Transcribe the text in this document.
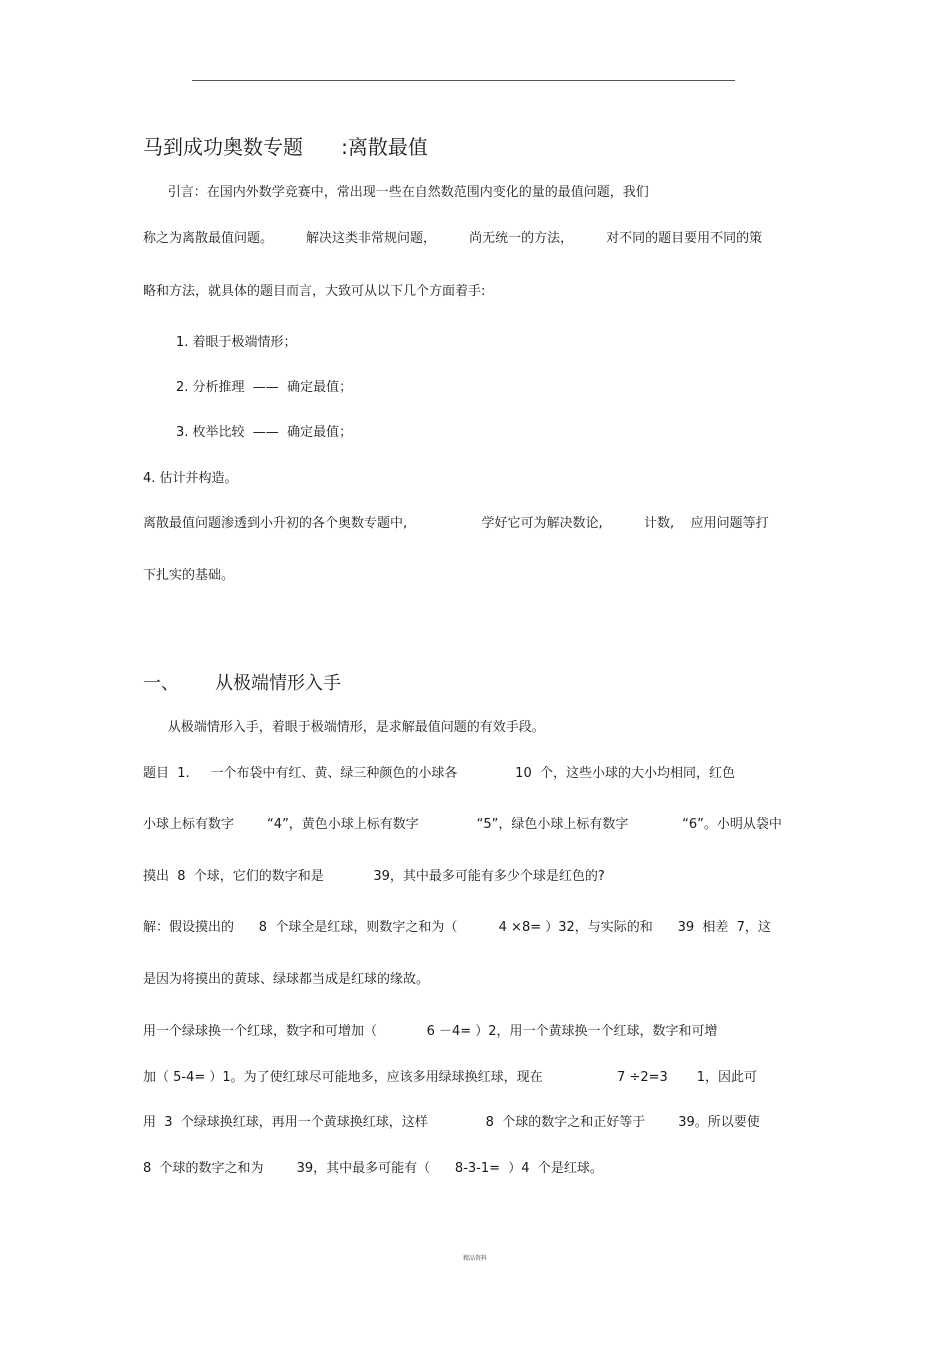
马到成功奥数专题      :离散最值
引言：在国内外数学竞赛中，常出现一些在自然数范围内变化的量的最值问题，我们
称之为离散最值问题。        解决这类非常规问题，        尚无统一的方法，        对不同的题目要用不同的策
略和方法，就具体的题目而言，大致可从以下几个方面着手:
1. 着眼于极端情形；
2. 分析推理  ——  确定最值；
3. 枚举比较  ——  确定最值；
4. 估计并构造。
离散最值问题渗透到小升初的各个奥数专题中,                  学好它可为解决数论,          计数,    应用问题等打
下扎实的基础。
一、 从极端情形入手
从极端情形入手，着眼于极端情形，是求解最值问题的有效手段。
题目  1.     一个布袋中有红、黄、绿三种颜色的小球各              10  个，这些小球的大小均相同，红色
小球上标有数字        “4”，黄色小球上标有数字              “5”，绿色小球上标有数字             “6”。小明从袋中
摸出  8  个球，它们的数字和是            39，其中最多可能有多少个球是红色的?
解：假设摸出的      8  个球全是红球，则数字之和为（          4 ×8= ）32，与实际的和      39  相差  7，这
是因为将摸出的黄球、绿球都当成是红球的缘故。
用一个绿球换一个红球，数字和可增加（            6 －4= ）2，用一个黄球换一个红球，数字和可增
加（ 5-4= ）1。为了使红球尽可能地多，应该多用绿球换红球，现在                  7 ÷2=3       1，因此可
用  3  个绿球换红球，再用一个黄球换红球，这样              8  个球的数字之和正好等于        39。所以要使
8  个球的数字之和为        39，其中最多可能有（      8-3-1=  ）4  个是红球。
精品资料
